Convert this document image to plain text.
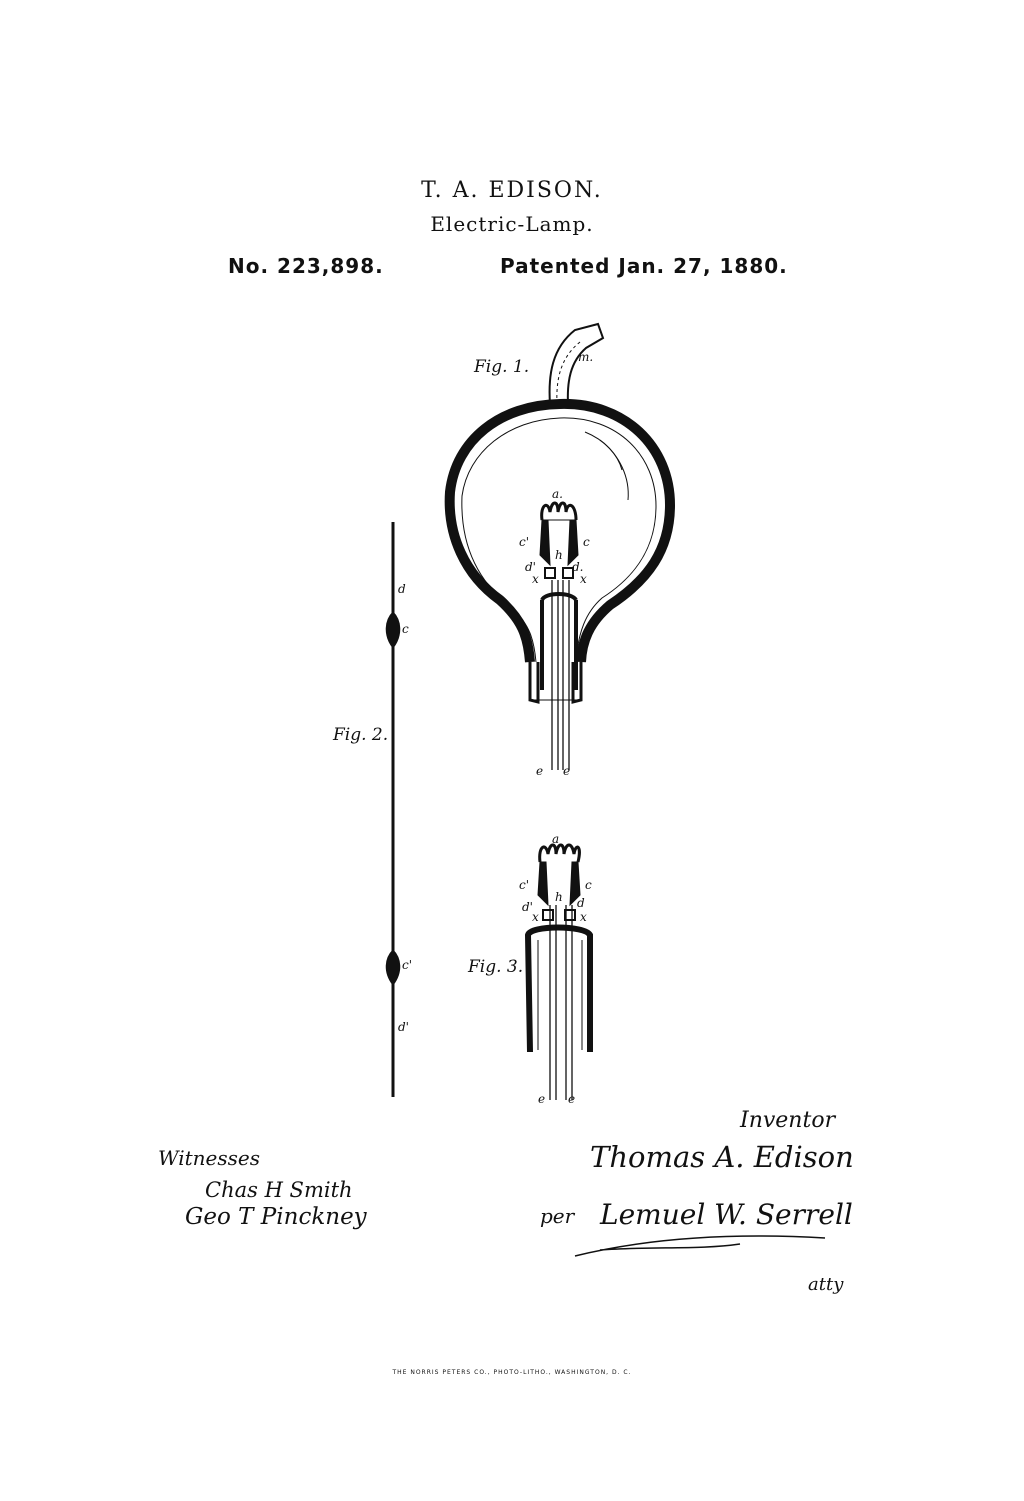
T. A. EDISON.
Electric-Lamp.
No. 223,898.	Patented Jan. 27, 1880.
Fig. 1.	m.
a.
c'	c
h
d'	d.
x	x
e e
Fig. 2.
d
c
c'
d'
Fig. 3.
a
c'	c
h
d'	d
x	x
e e
Witnesses
Chas H Smith
Geo T Pinckney
Inventor
Thomas A. Edison
per Lemuel W. Serrell
atty
THE NORRIS PETERS CO., PHOTO-LITHO., WASHINGTON, D. C.
